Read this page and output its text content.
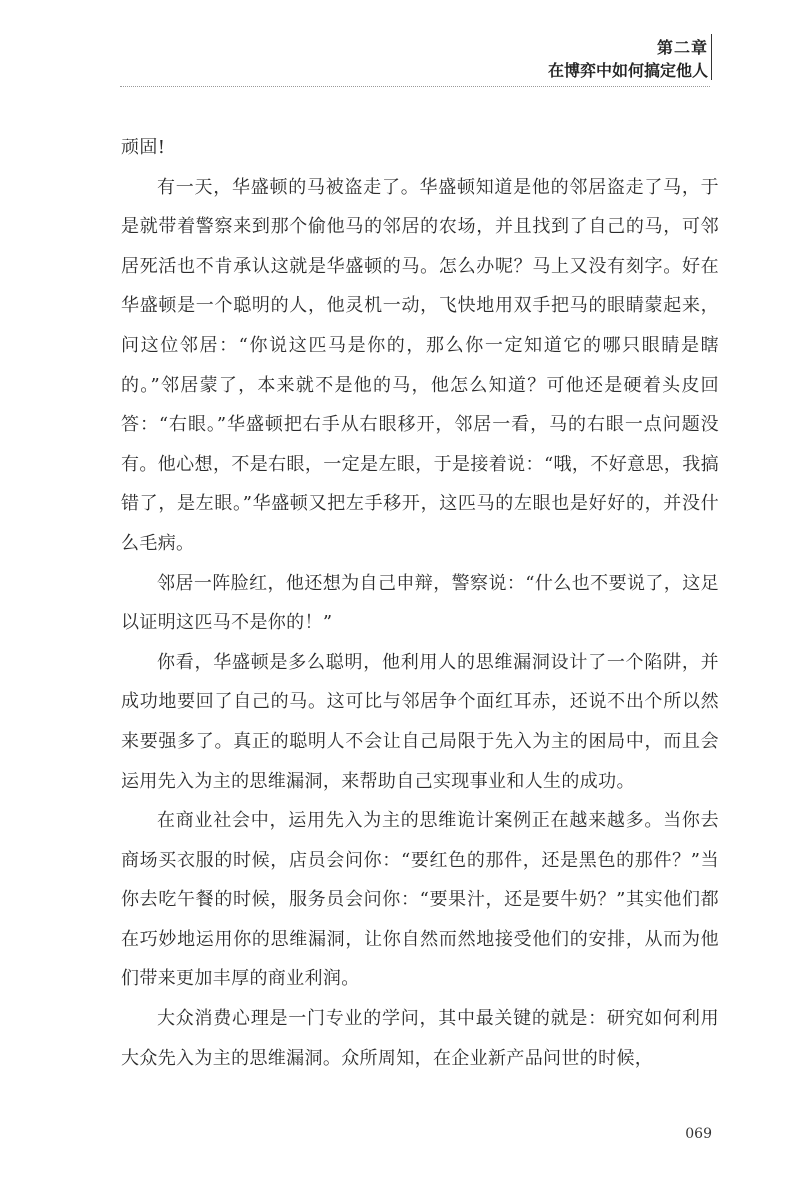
第二章
在博弈中如何搞定他人

顽固!

有一天，华盛顿的马被盗走了。华盛顿知道是他的邻居盗走了马，于是就带着警察来到那个偷他马的邻居的农场，并且找到了自己的马，可邻居死活也不肯承认这就是华盛顿的马。怎么办呢？马上又没有刻字。好在华盛顿是一个聪明的人，他灵机一动，飞快地用双手把马的眼睛蒙起来，问这位邻居：“你说这匹马是你的，那么你一定知道它的哪只眼睛是瞎的。”邻居蒙了，本来就不是他的马，他怎么知道？可他还是硬着头皮回答：“右眼。”华盛顿把右手从右眼移开，邻居一看，马的右眼一点问题没有。他心想，不是右眼，一定是左眼，于是接着说：“哦，不好意思，我搞错了，是左眼。”华盛顿又把左手移开，这匹马的左眼也是好好的，并没什么毛病。

邻居一阵脸红，他还想为自己申辩，警察说：“什么也不要说了，这足以证明这匹马不是你的！”

你看，华盛顿是多么聪明，他利用人的思维漏洞设计了一个陷阱，并成功地要回了自己的马。这可比与邻居争个面红耳赤，还说不出个所以然来要强多了。真正的聪明人不会让自己局限于先入为主的困局中，而且会运用先入为主的思维漏洞，来帮助自己实现事业和人生的成功。

在商业社会中，运用先入为主的思维诡计案例正在越来越多。当你去商场买衣服的时候，店员会问你：“要红色的那件，还是黑色的那件？”当你去吃午餐的时候，服务员会问你：“要果汁，还是要牛奶？”其实他们都在巧妙地运用你的思维漏洞，让你自然而然地接受他们的安排，从而为他们带来更加丰厚的商业利润。

大众消费心理是一门专业的学问，其中最关键的就是：研究如何利用大众先入为主的思维漏洞。众所周知，在企业新产品问世的时候，

069
